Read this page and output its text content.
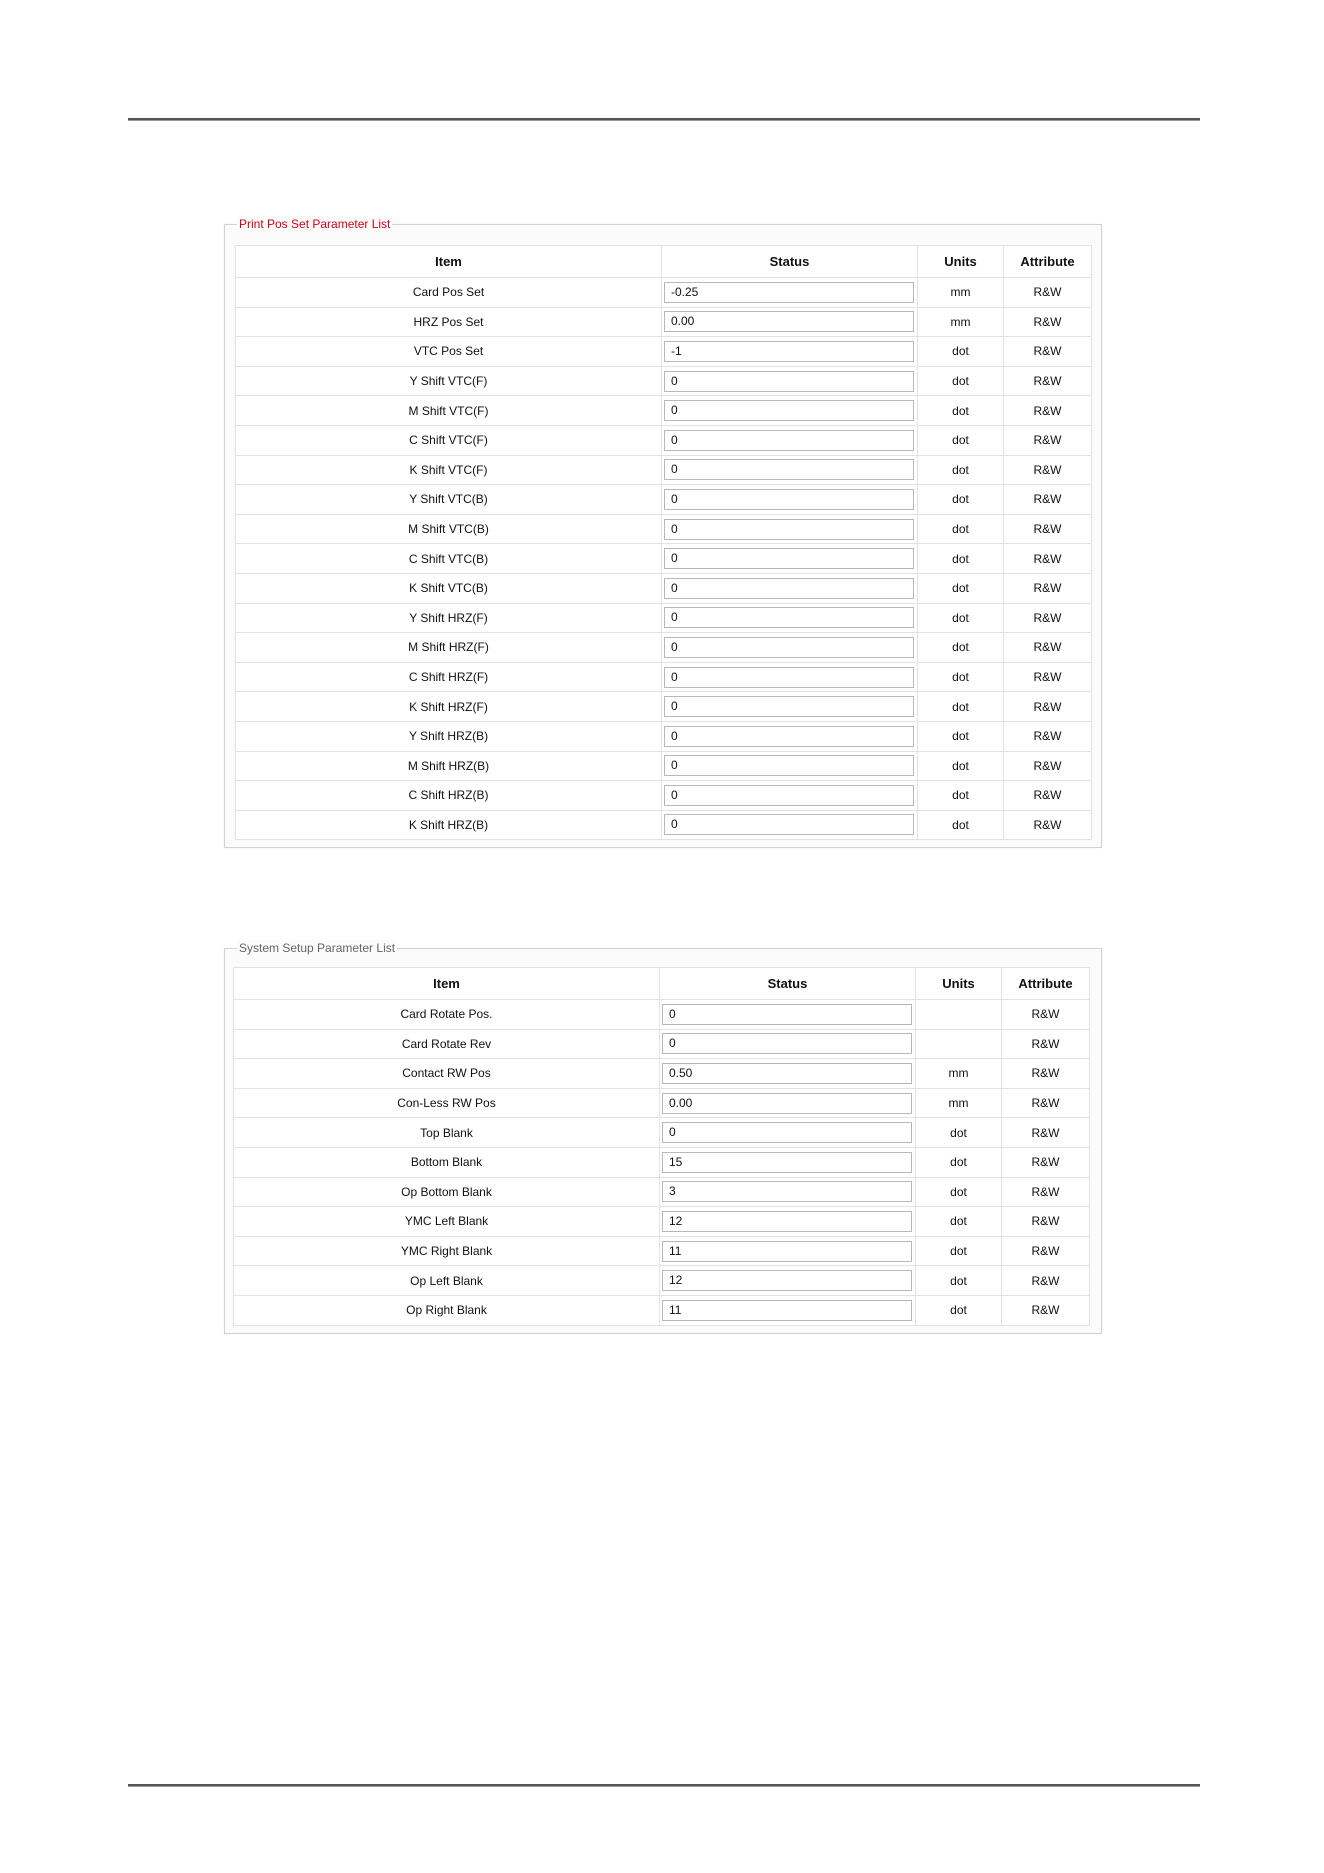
Print Pos Set Parameter List
Item	Status	Units	Attribute
Card Pos Set	-0.25	mm	R&W
HRZ Pos Set	0.00	mm	R&W
VTC Pos Set	-1	dot	R&W
Y Shift VTC(F)	0	dot	R&W
M Shift VTC(F)	0	dot	R&W
C Shift VTC(F)	0	dot	R&W
K Shift VTC(F)	0	dot	R&W
Y Shift VTC(B)	0	dot	R&W
M Shift VTC(B)	0	dot	R&W
C Shift VTC(B)	0	dot	R&W
K Shift VTC(B)	0	dot	R&W
Y Shift HRZ(F)	0	dot	R&W
M Shift HRZ(F)	0	dot	R&W
C Shift HRZ(F)	0	dot	R&W
K Shift HRZ(F)	0	dot	R&W
Y Shift HRZ(B)	0	dot	R&W
M Shift HRZ(B)	0	dot	R&W
C Shift HRZ(B)	0	dot	R&W
K Shift HRZ(B)	0	dot	R&W
System Setup Parameter List
Item	Status	Units	Attribute
Card Rotate Pos.	0		R&W
Card Rotate Rev	0		R&W
Contact RW Pos	0.50	mm	R&W
Con-Less RW Pos	0.00	mm	R&W
Top Blank	0	dot	R&W
Bottom Blank	15	dot	R&W
Op Bottom Blank	3	dot	R&W
YMC Left Blank	12	dot	R&W
YMC Right Blank	11	dot	R&W
Op Left Blank	12	dot	R&W
Op Right Blank	11	dot	R&W
